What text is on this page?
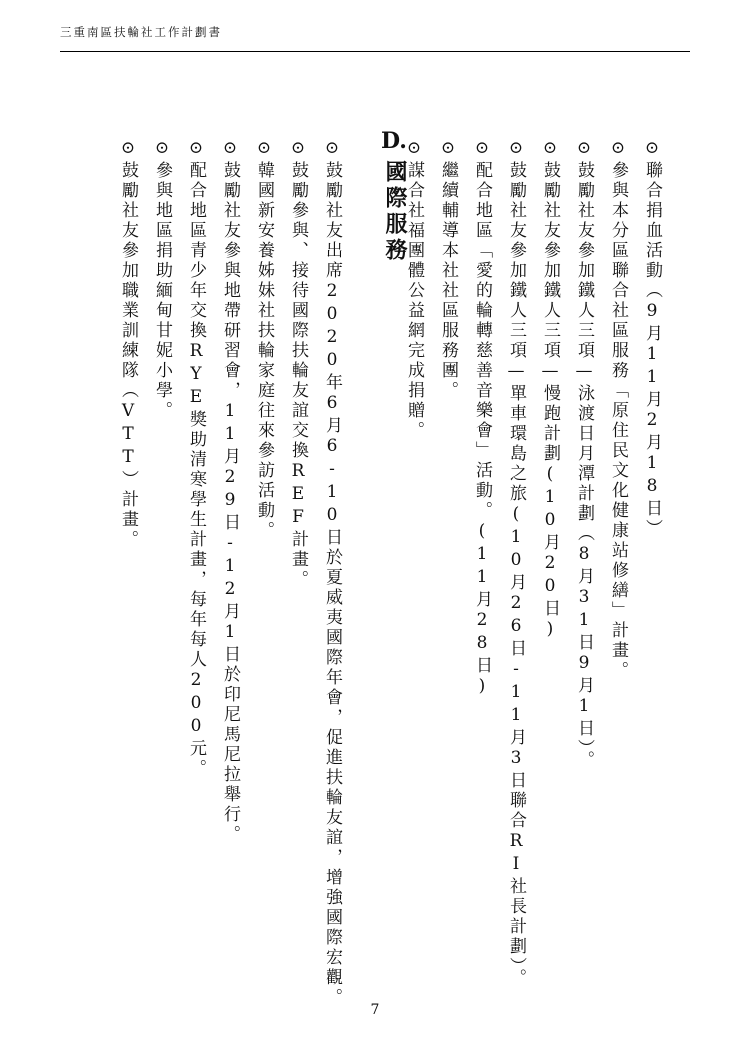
三重南區扶輪社工作計劃書
⊙聯合捐血活動（9月11月2月18日）
⊙參與本分區聯合社區服務「原住民文化健康站修繕」計畫。
⊙鼓勵社友參加鐵人三項—泳渡日月潭計劃（8月31日9月1日）。
⊙鼓勵社友參加鐵人三項—慢跑計劃(10月20日)
⊙鼓勵社友參加鐵人三項—單車環島之旅(10月26日-11月3日聯合RI社長計劃）。
⊙配合地區「愛的輪轉慈善音樂會」活動。(11月28日)
⊙繼續輔導本社社區服務團。
⊙謀合社福團體公益網完成捐贈。
D.
國際服務
⊙鼓勵社友出席2020年6月6-10日於夏威夷國際年會，促進扶輪友誼，增強國際宏觀。
⊙鼓勵參與、接待國際扶輪友誼交換REF計畫。
⊙韓國新安養姊妹社扶輪家庭往來參訪活動。
⊙鼓勵社友參與地帶研習會，11月29日-12月1日於印尼馬尼拉舉行。
⊙配合地區青少年交換RYE獎助清寒學生計畫，每年每人200元。
⊙參與地區捐助緬甸甘妮小學。
⊙鼓勵社友參加職業訓練隊（VTT）計畫。
7
